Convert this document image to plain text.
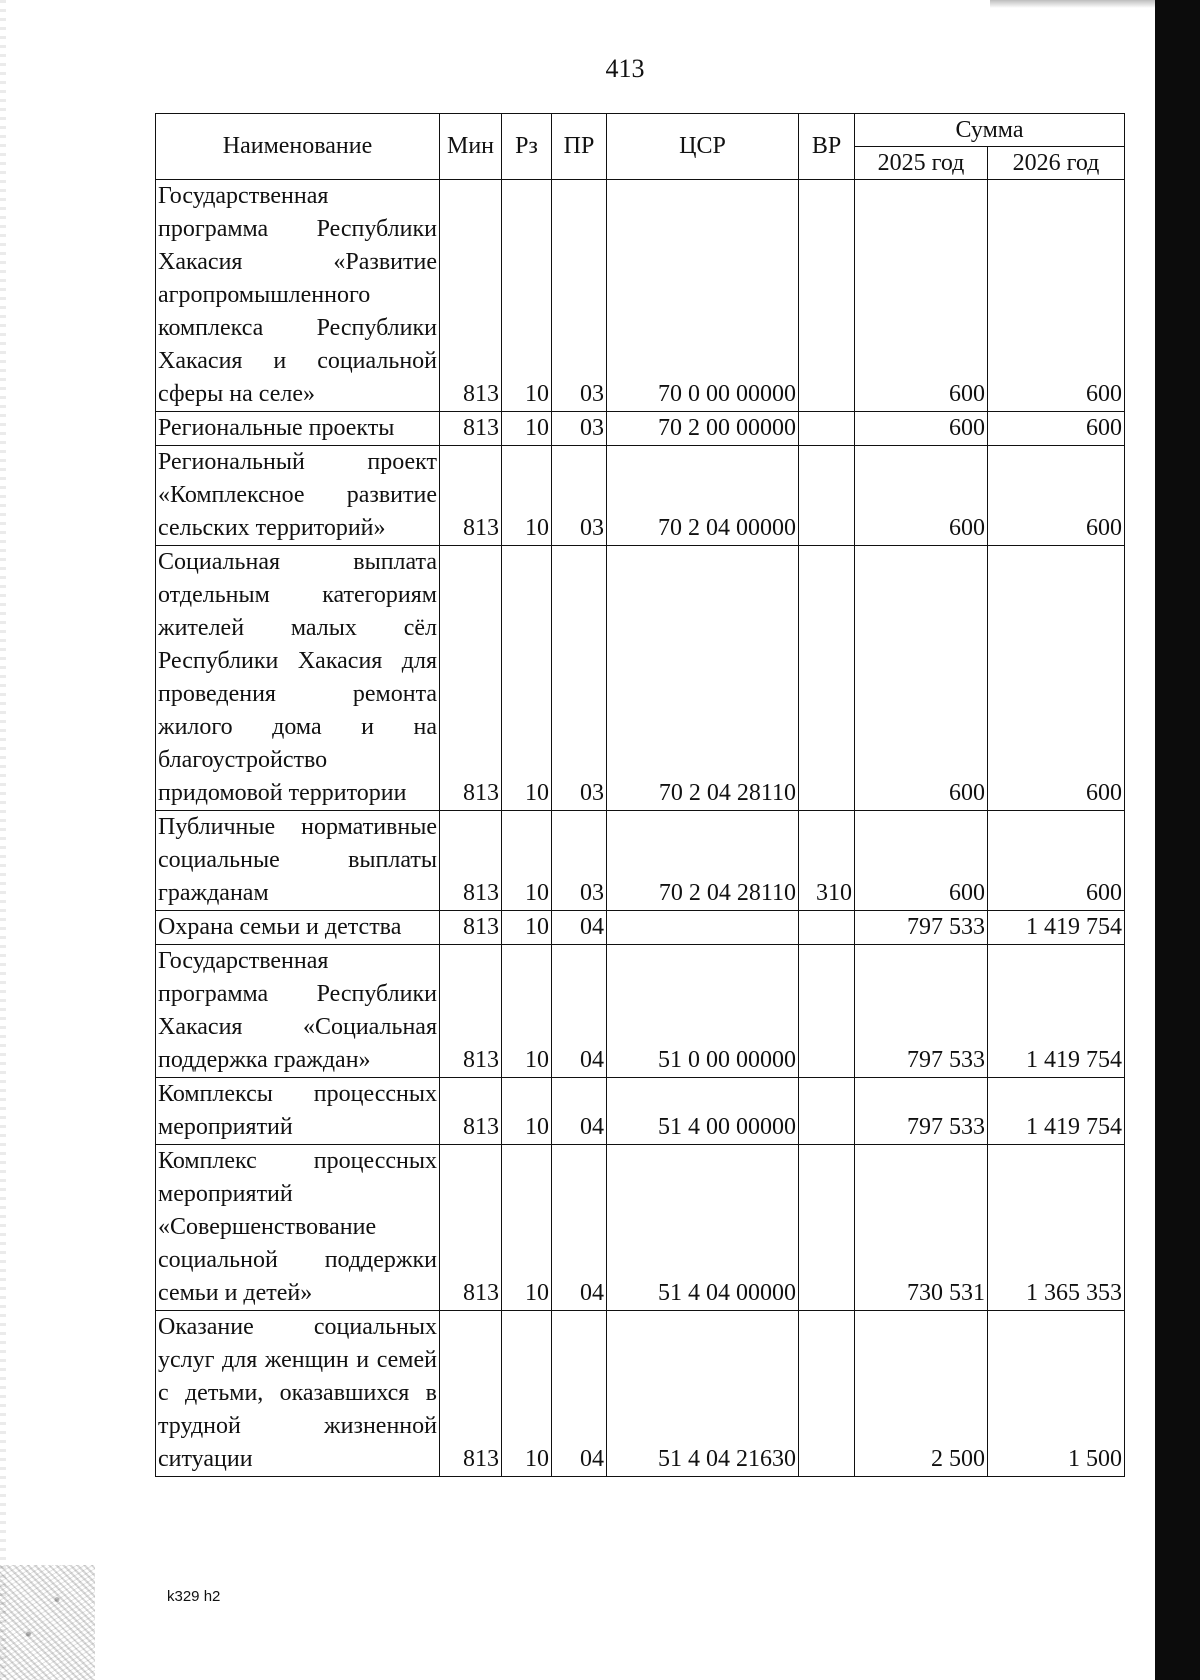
413
Наименование	Мин	Рз	ПР	ЦСР	ВР	Сумма	
						2025 год	2026 год
Государственная программа Республики Хакасия «Развитие агропромышленного комплекса Республики Хакасия и социальной сферы на селе»	813	10	03	70 0 00 00000		600	600
Региональные проекты	813	10	03	70 2 00 00000		600	600
Региональный проект «Комплексное развитие сельских территорий»	813	10	03	70 2 04 00000		600	600
Социальная выплата отдельным категориям жителей малых сёл Республики Хакасия для проведения ремонта жилого дома и на благоустройство придомовой территории	813	10	03	70 2 04 28110		600	600
Публичные нормативные социальные выплаты гражданам	813	10	03	70 2 04 28110	310	600	600
Охрана семьи и детства	813	10	04			797 533	1 419 754
Государственная программа Республики Хакасия «Социальная поддержка граждан»	813	10	04	51 0 00 00000		797 533	1 419 754
Комплексы процессных мероприятий	813	10	04	51 4 00 00000		797 533	1 419 754
Комплекс процессных мероприятий «Совершенствование социальной поддержки семьи и детей»	813	10	04	51 4 04 00000		730 531	1 365 353
Оказание социальных услуг для женщин и семей с детьми, оказавшихся в трудной жизненной ситуации	813	10	04	51 4 04 21630		2 500	1 500
k329 h2
